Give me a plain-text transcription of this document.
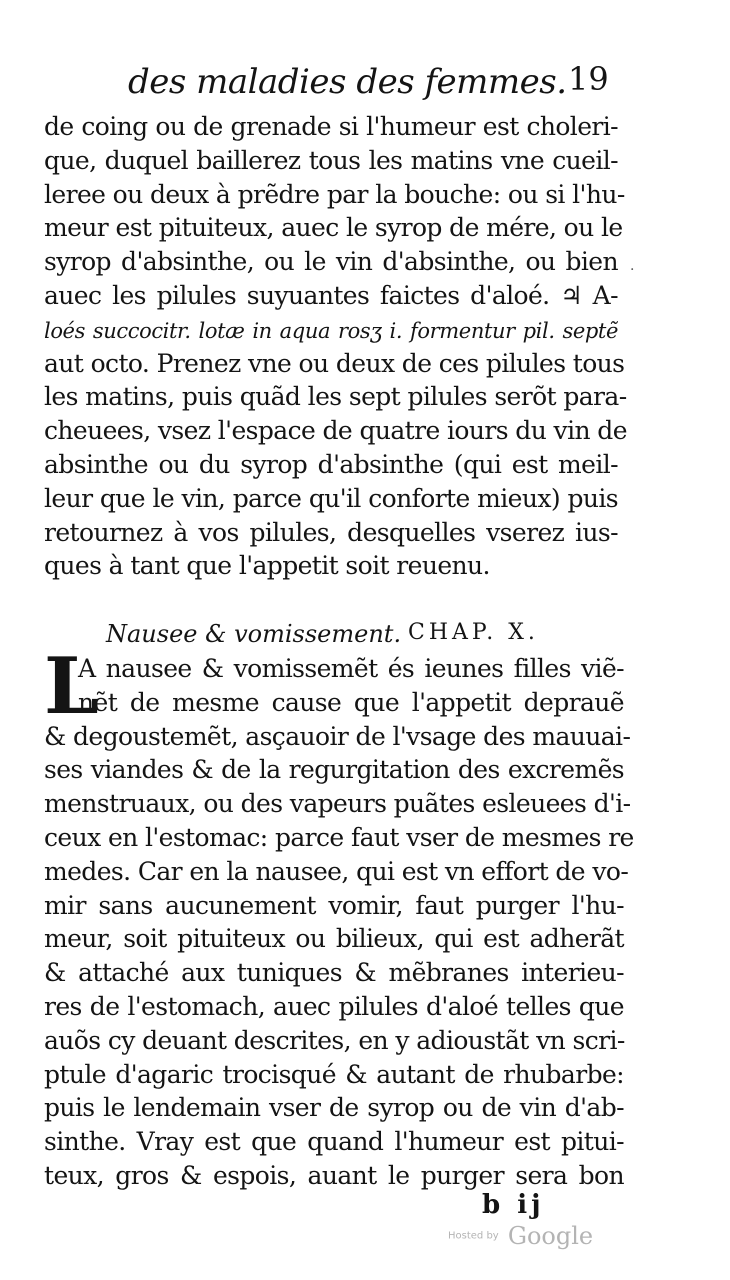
des maladies des femmes. 19
de coing ou de grenade si l'humeur est choleri-
que, duquel baillerez tous les matins vne cueil-
leree ou deux à prẽdre par la bouche: ou si l'hu-
meur est pituiteux, auec le syrop de mére, ou le
syrop d'absinthe, ou le vin d'absinthe, ou bien
auec les pilules suyuantes faictes d'aloé. ♃ A-
loés succocitr. lotæ in aqua rosʒ i. formentur pil. septẽ
aut octo. Prenez vne ou deux de ces pilules tous
les matins, puis quãd les sept pilules serõt para-
cheuees, vsez l'espace de quatre iours du vin de
absinthe ou du syrop d'absinthe (qui est meil-
leur que le vin, parce qu'il conforte mieux) puis
retournez à vos pilules, desquelles vserez ius-
ques à tant que l'appetit soit reuenu.
Nausee & vomissement. CHAP. X.
L
A nausee & vomissemẽt és ieunes filles viẽ-
nẽt de mesme cause que l'appetit deprauẽ
& degoustemẽt, asçauoir de l'vsage des mauuai-
ses viandes & de la regurgitation des excremẽs
menstruaux, ou des vapeurs puãtes esleuees d'i-
ceux en l'estomac: parce faut vser de mesmes re
medes. Car en la nausee, qui est vn effort de vo-
mir sans aucunement vomir, faut purger l'hu-
meur, soit pituiteux ou bilieux, qui est adherãt
& attaché aux tuniques & mẽbranes interieu-
res de l'estomach, auec pilules d'aloé telles que
auõs cy deuant descrites, en y adioustãt vn scri-
ptule d'agaric trocisqué & autant de rhubarbe:
puis le lendemain vser de syrop ou de vin d'ab-
sinthe. Vray est que quand l'humeur est pitui-
teux, gros & espois, auant le purger sera bon
b ij
Hosted by Google
·
